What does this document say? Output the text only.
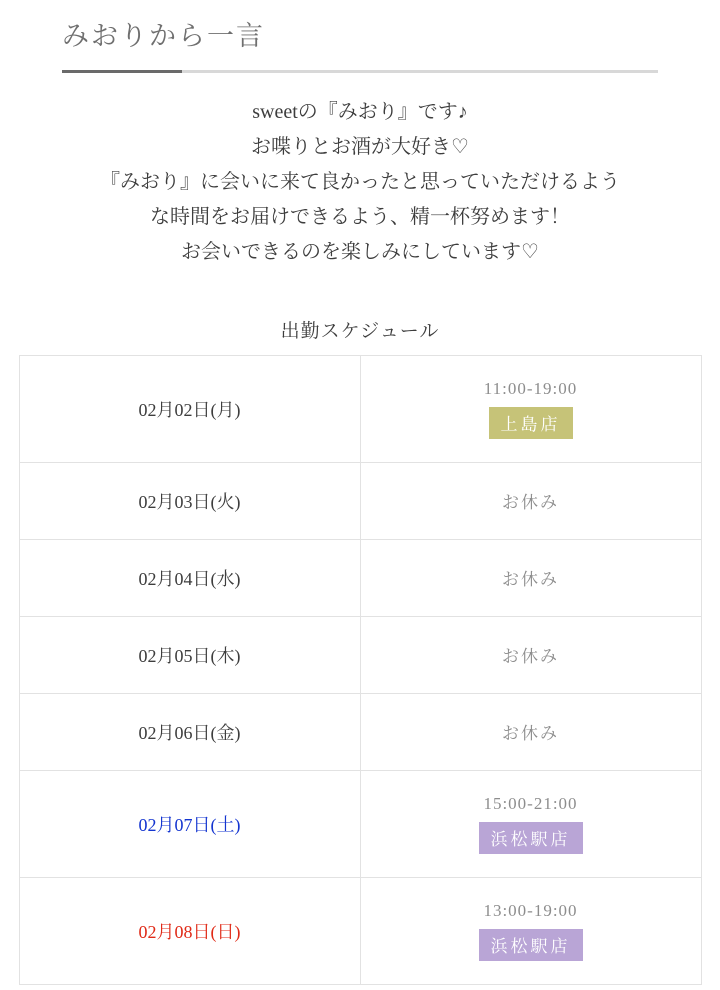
みおりから一言

sweetの『みおり』です♪

お喋りとお酒が大好き♡

『みおり』に会いに来て良かったと思っていただけるよう

な時間をお届けできるよう、精一杯努めます！

お会いできるのを楽しみにしています♡

出勤スケジュール
02月02日(月)	11:00-19:00
上島店
02月03日(火)	お休み
02月04日(水)	お休み
02月05日(木)	お休み
02月06日(金)	お休み
02月07日(土)	15:00-21:00
浜松駅店
02月08日(日)	13:00-19:00
浜松駅店
